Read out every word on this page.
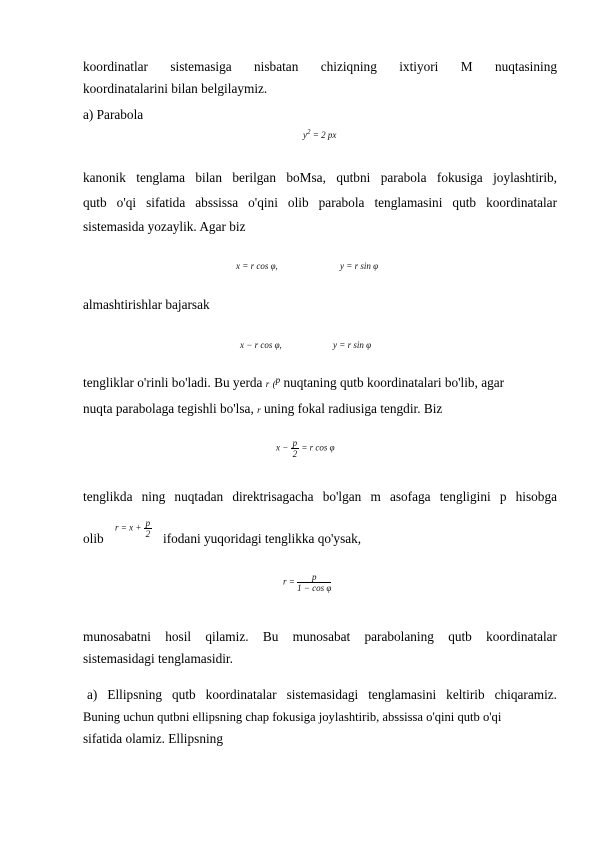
koordinatlar sistemasiga nisbatan chiziqning ixtiyori M nuqtasining
koordinatalarini bilan belgilaymiz.
a) Parabola
$y^2 = 2$ px
kanonik tenglama bilan berilgan boMsa, qutbni parabola fokusiga joylashtirib,
qutb o'qi sifatida abssissa o'qini olib parabola tenglamasini qutb koordinatalar
sistemasida yozaylik. Agar biz
x = r cos φ,	y = r sin φ
almashtirishlar bajarsak
x − r cos φ,	y = r sin φ
tengliklar o'rinli bo'ladi. Bu yerda r ($^p$ nuqtaning qutb koordinatalari bo'lib, agar
nuqta parabolaga tegishli bo'lsa, r uning fokal radiusiga tengdir. Biz
$x - \frac{p}{2} = r$ cos φ
tenglikda ning nuqtadan direktrisagacha bo'lgan m asofaga tengligini p hisobga
olib
$r = x + \frac{p}{2}$ ifodani yuqoridagi tenglikka qo'ysak,
$r = \frac{p}{\text{1 − cos φ}}$
munosabatni hosil qilamiz. Bu munosabat parabolaning qutb koordinatalar
sistemasidagi tenglamasidir.
a) Ellipsning qutb koordinatalar sistemasidagi tenglamasini keltirib chiqaramiz.
Buning uchun qutbni ellipsning chap fokusiga joylashtirib, abssissa o'qini qutb o'qi
sifatida olamiz. Ellipsning
